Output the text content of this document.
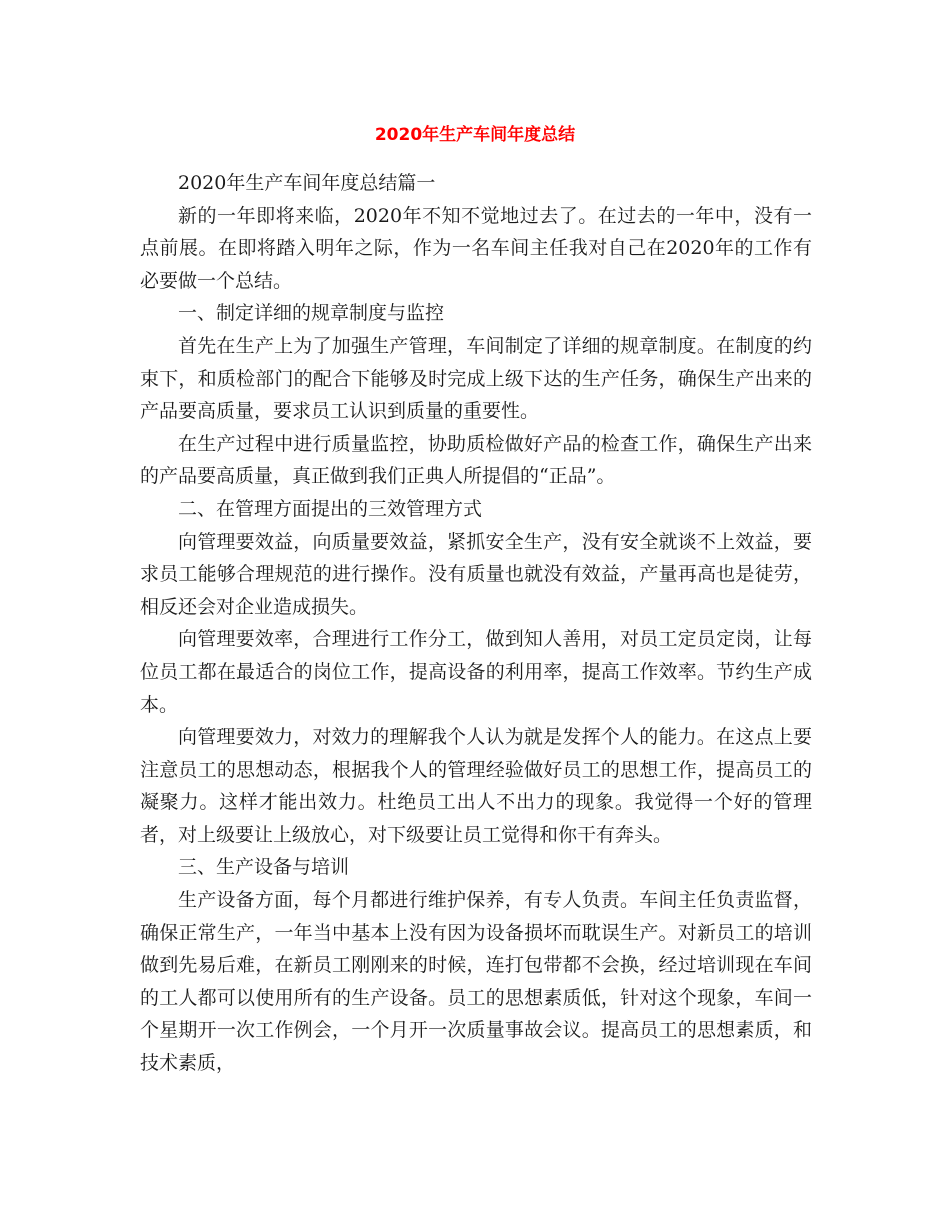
2020年生产车间年度总结

2020年生产车间年度总结篇一

新的一年即将来临，2020年不知不觉地过去了。在过去的一年中，没有一点前展。在即将踏入明年之际，作为一名车间主任我对自己在2020年的工作有必要做一个总结。

一、制定详细的规章制度与监控

首先在生产上为了加强生产管理，车间制定了详细的规章制度。在制度的约束下，和质检部门的配合下能够及时完成上级下达的生产任务，确保生产出来的产品要高质量，要求员工认识到质量的重要性。

在生产过程中进行质量监控，协助质检做好产品的检查工作，确保生产出来的产品要高质量，真正做到我们正典人所提倡的“正品”。

二、在管理方面提出的三效管理方式

向管理要效益，向质量要效益，紧抓安全生产，没有安全就谈不上效益，要求员工能够合理规范的进行操作。没有质量也就没有效益，产量再高也是徒劳，相反还会对企业造成损失。

向管理要效率，合理进行工作分工，做到知人善用，对员工定员定岗，让每位员工都在最适合的岗位工作，提高设备的利用率，提高工作效率。节约生产成本。

向管理要效力，对效力的理解我个人认为就是发挥个人的能力。在这点上要注意员工的思想动态，根据我个人的管理经验做好员工的思想工作，提高员工的凝聚力。这样才能出效力。杜绝员工出人不出力的现象。我觉得一个好的管理者，对上级要让上级放心，对下级要让员工觉得和你干有奔头。

三、生产设备与培训

生产设备方面，每个月都进行维护保养，有专人负责。车间主任负责监督，确保正常生产，一年当中基本上没有因为设备损坏而耽误生产。对新员工的培训做到先易后难，在新员工刚刚来的时候，连打包带都不会换，经过培训现在车间的工人都可以使用所有的生产设备。员工的思想素质低，针对这个现象，车间一个星期开一次工作例会，一个月开一次质量事故会议。提高员工的思想素质，和技术素质，
